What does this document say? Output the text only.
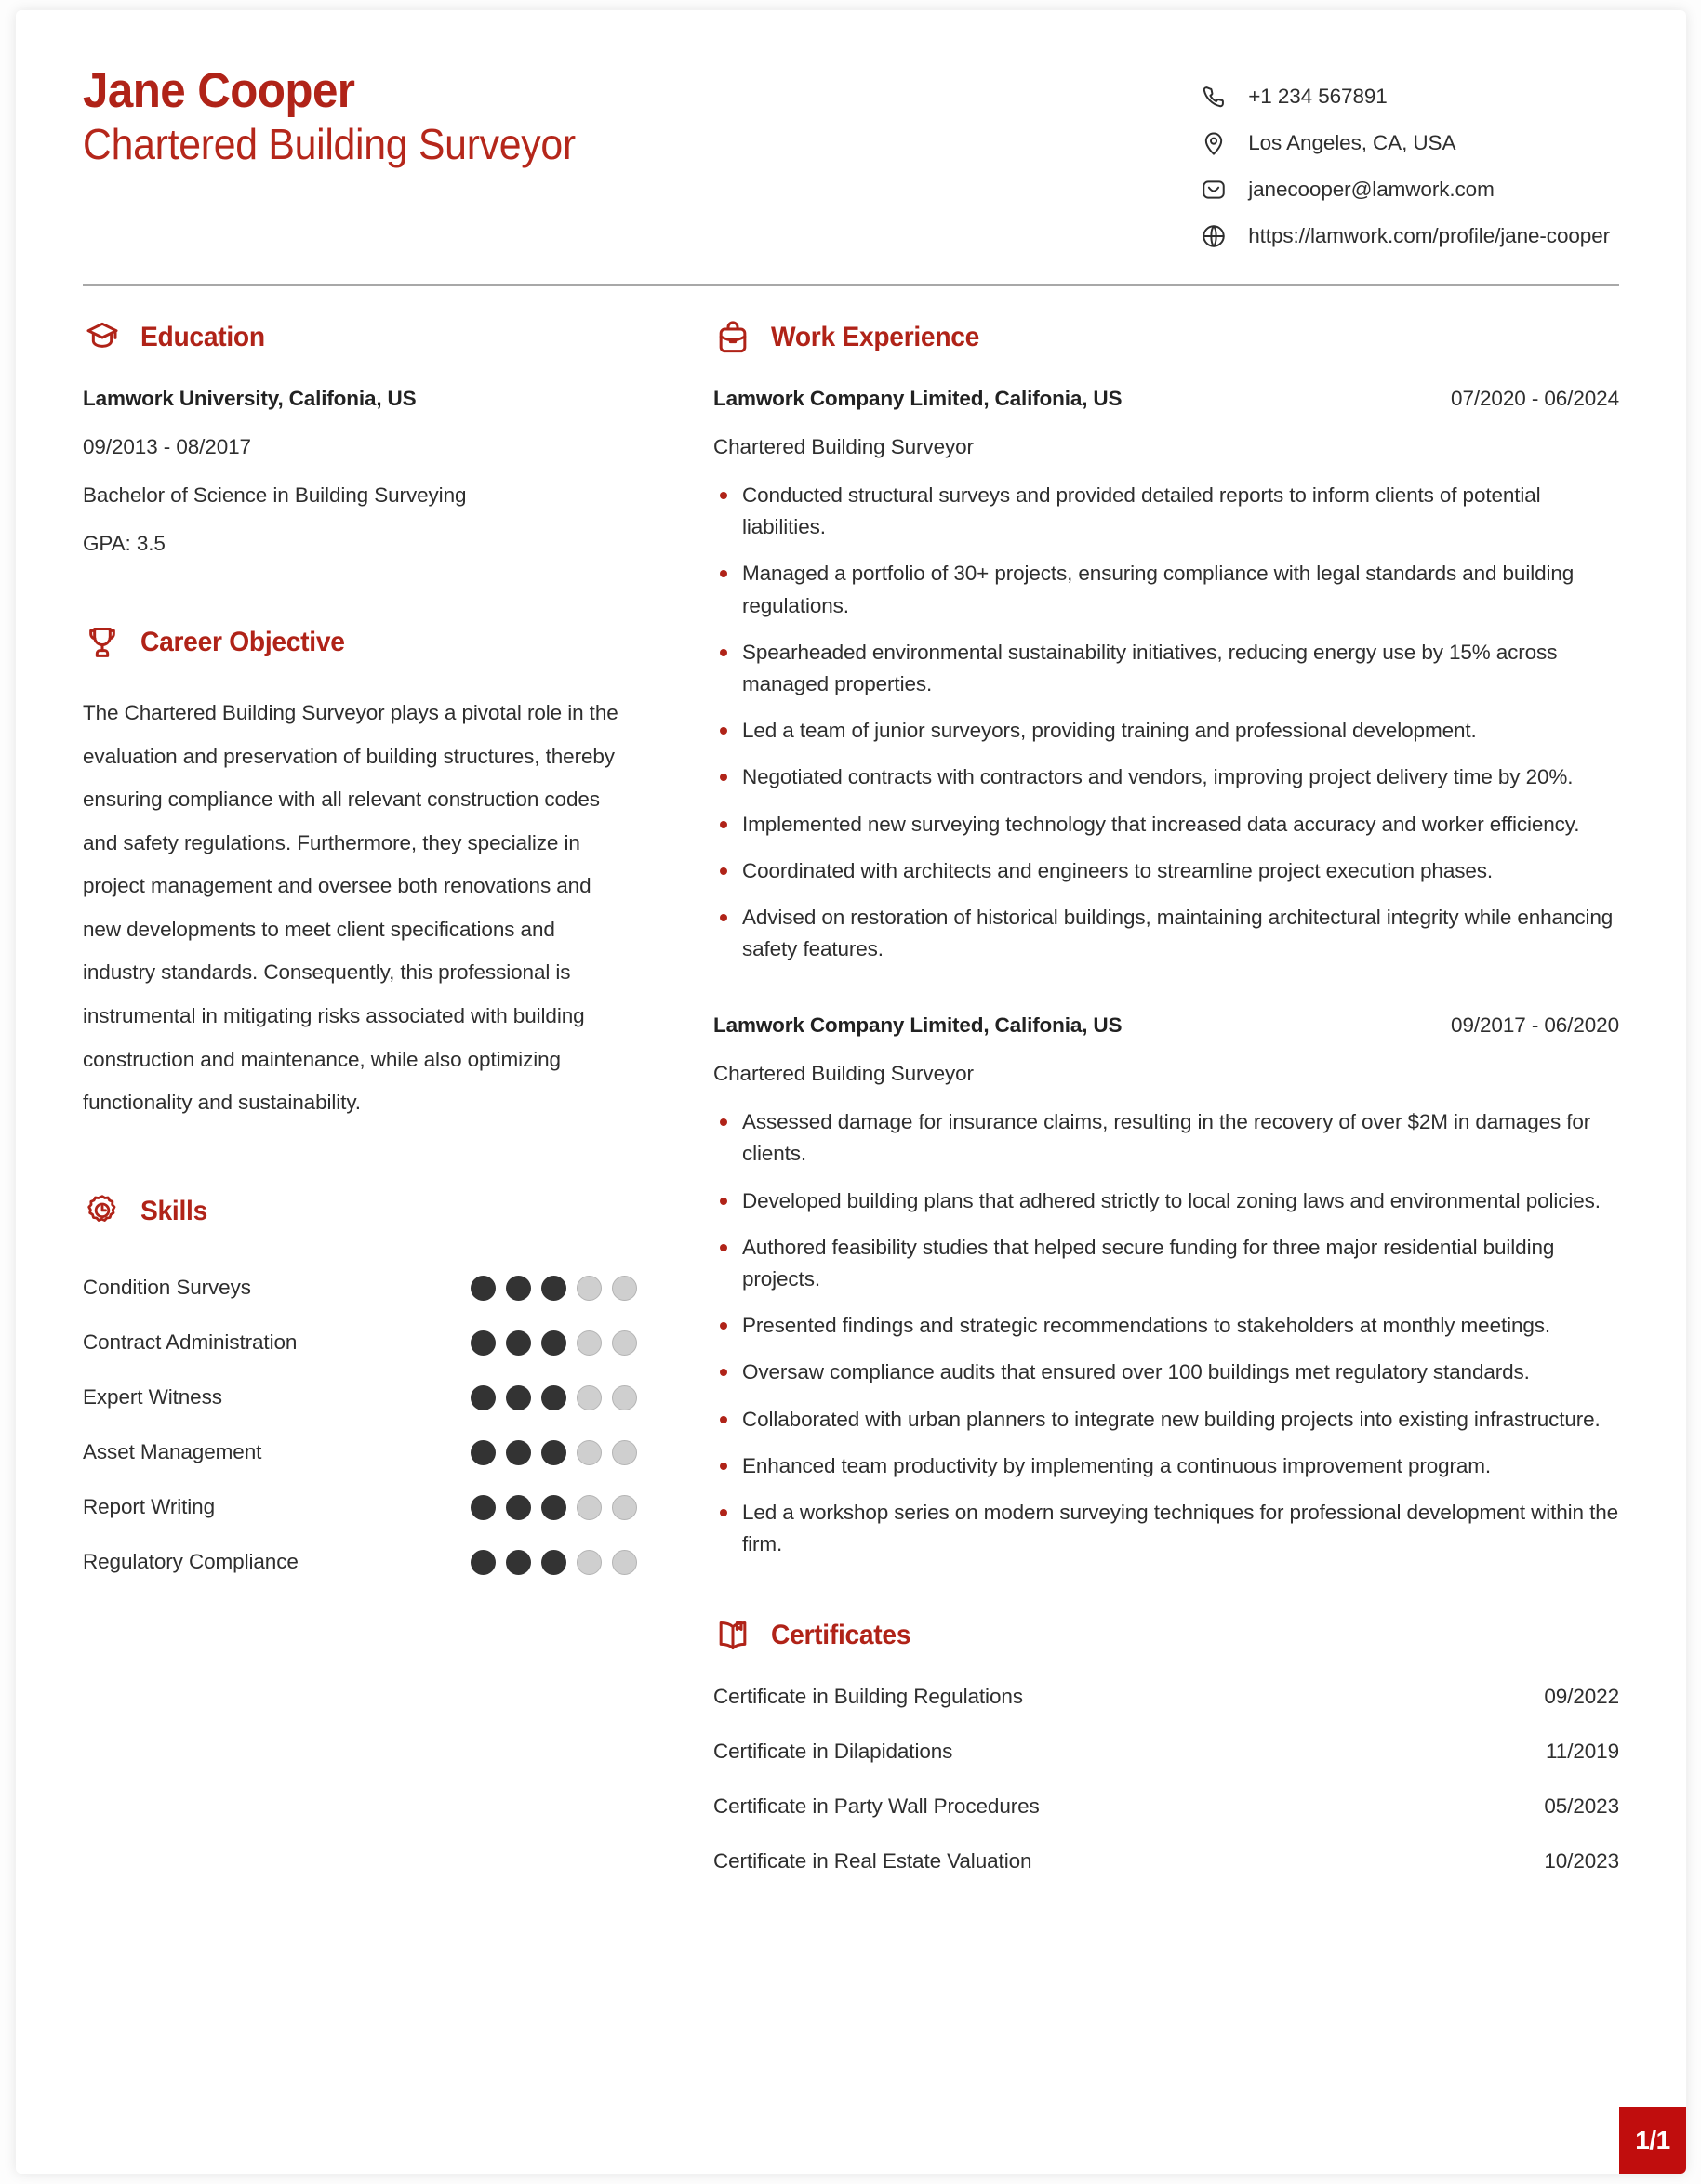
Jane Cooper
Chartered Building Surveyor
+1 234 567891
Los Angeles, CA, USA
janecooper@lamwork.com
https://lamwork.com/profile/jane-cooper
Education
Lamwork University, Califonia, US
09/2013 - 08/2017
Bachelor of Science in Building Surveying
GPA: 3.5
Career Objective
The Chartered Building Surveyor plays a pivotal role in the evaluation and preservation of building structures, thereby ensuring compliance with all relevant construction codes and safety regulations. Furthermore, they specialize in project management and oversee both renovations and new developments to meet client specifications and industry standards. Consequently, this professional is instrumental in mitigating risks associated with building construction and maintenance, while also optimizing functionality and sustainability.
Skills
Condition Surveys
Contract Administration
Expert Witness
Asset Management
Report Writing
Regulatory Compliance
Work Experience
Lamwork Company Limited, Califonia, US	07/2020 - 06/2024
Chartered Building Surveyor
Conducted structural surveys and provided detailed reports to inform clients of potential liabilities.
Managed a portfolio of 30+ projects, ensuring compliance with legal standards and building regulations.
Spearheaded environmental sustainability initiatives, reducing energy use by 15% across managed properties.
Led a team of junior surveyors, providing training and professional development.
Negotiated contracts with contractors and vendors, improving project delivery time by 20%.
Implemented new surveying technology that increased data accuracy and worker efficiency.
Coordinated with architects and engineers to streamline project execution phases.
Advised on restoration of historical buildings, maintaining architectural integrity while enhancing safety features.
Lamwork Company Limited, Califonia, US	09/2017 - 06/2020
Chartered Building Surveyor
Assessed damage for insurance claims, resulting in the recovery of over $2M in damages for clients.
Developed building plans that adhered strictly to local zoning laws and environmental policies.
Authored feasibility studies that helped secure funding for three major residential building projects.
Presented findings and strategic recommendations to stakeholders at monthly meetings.
Oversaw compliance audits that ensured over 100 buildings met regulatory standards.
Collaborated with urban planners to integrate new building projects into existing infrastructure.
Enhanced team productivity by implementing a continuous improvement program.
Led a workshop series on modern surveying techniques for professional development within the firm.
Certificates
Certificate in Building Regulations	09/2022
Certificate in Dilapidations	11/2019
Certificate in Party Wall Procedures	05/2023
Certificate in Real Estate Valuation	10/2023
1/1
